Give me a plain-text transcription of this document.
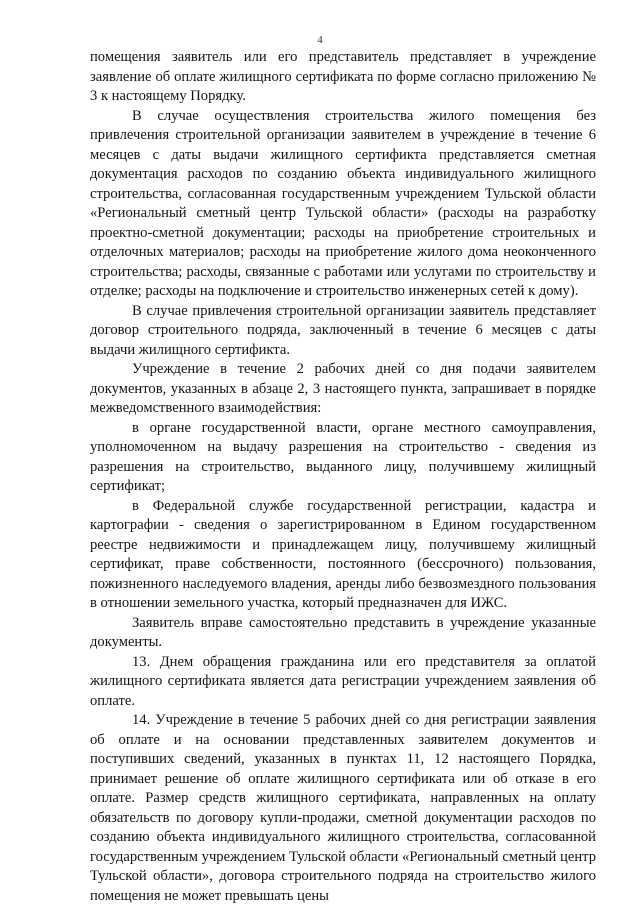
4

помещения заявитель или его представитель представляет в учреждение заявление об оплате жилищного сертификата по форме согласно приложению № 3 к настоящему Порядку.

В случае осуществления строительства жилого помещения без привлечения строительной организации заявителем в учреждение в течение 6 месяцев с даты выдачи жилищного сертификта представляется сметная документация расходов по созданию объекта индивидуального жилищного строительства, согласованная государственным учреждением Тульской области «Региональный сметный центр Тульской области» (расходы на разработку проектно-сметной документации; расходы на приобретение строительных и отделочных материалов; расходы на приобретение жилого дома неоконченного строительства; расходы, связанные с работами или услугами по строительству и отделке; расходы на подключение и строительство инженерных сетей к дому).

В случае привлечения строительной организации заявитель представляет договор строительного подряда, заключенный в течение 6 месяцев с даты выдачи жилищного сертификта.

Учреждение в течение 2 рабочих дней со дня подачи заявителем документов, указанных в абзаце 2, 3 настоящего пункта, запрашивает в порядке межведомственного взаимодействия:

в органе государственной власти, органе местного самоуправления, уполномоченном на выдачу разрешения на строительство - сведения из разрешения на строительство, выданного лицу, получившему жилищный сертификат;

в Федеральной службе государственной регистрации, кадастра и картографии - сведения о зарегистрированном в Едином государственном реестре недвижимости и принадлежащем лицу, получившему жилищный сертификат, праве собственности, постоянного (бессрочного) пользования, пожизненного наследуемого владения, аренды либо безвозмездного пользования в отношении земельного участка, который предназначен для ИЖС.

Заявитель вправе самостоятельно представить в учреждение указанные документы.

13. Днем обращения гражданина или его представителя за оплатой жилищного сертификата является дата регистрации учреждением заявления об оплате.

14. Учреждение в течение 5 рабочих дней со дня регистрации заявления об оплате и на основании представленных заявителем документов и поступивших сведений, указанных в пунктах 11, 12 настоящего Порядка, принимает решение об оплате жилищного сертификата или об отказе в его оплате. Размер средств жилищного сертификата, направленных на оплату обязательств по договору купли-продажи, сметной документации расходов по созданию объекта индивидуального жилищного строительства, согласованной государственным учреждением Тульской области «Региональный сметный центр Тульской области», договора строительного подряда на строительство жилого помещения не может превышать цены
